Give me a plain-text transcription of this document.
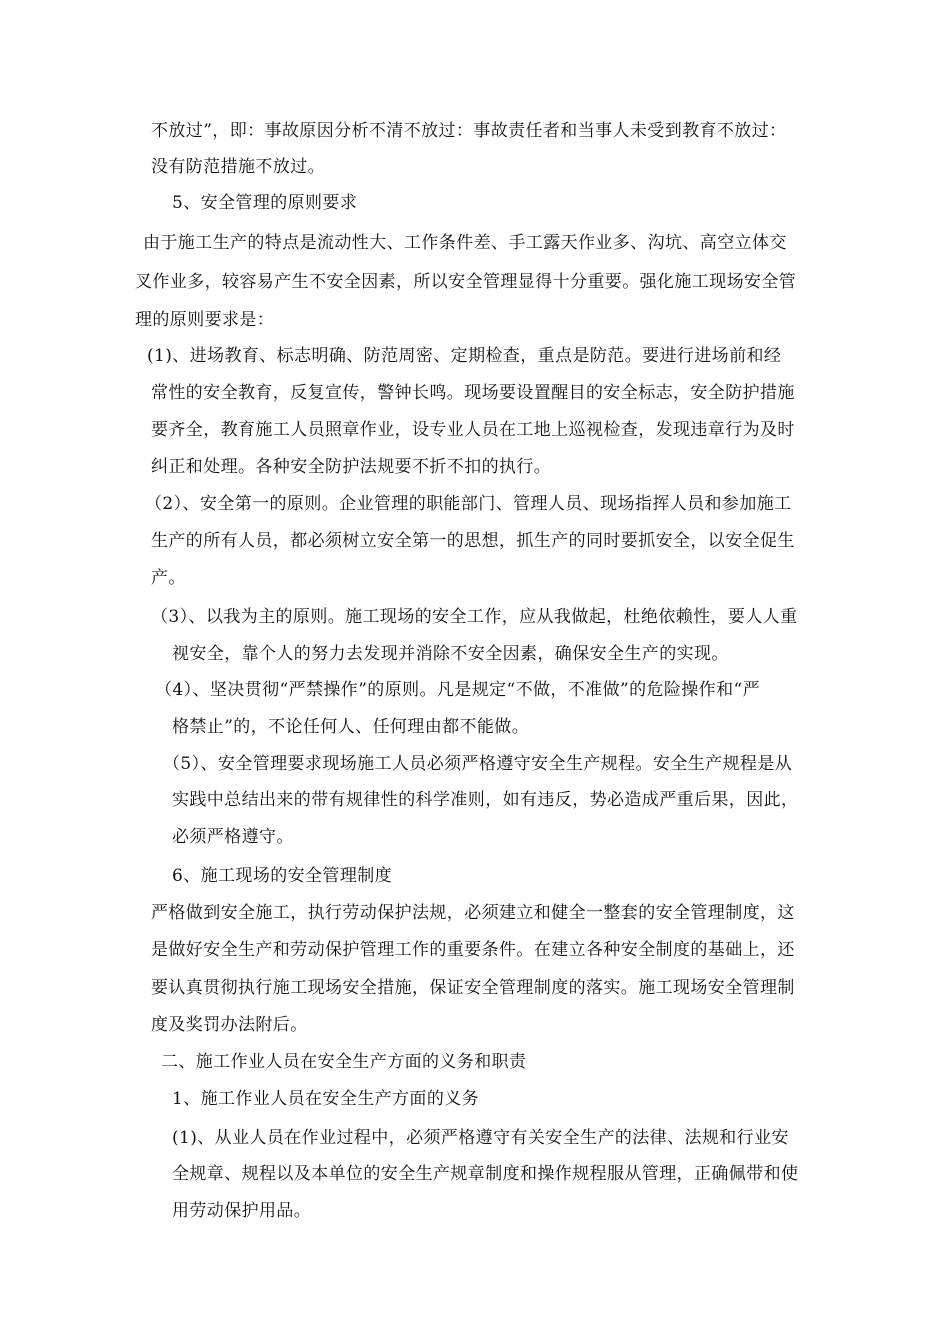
不放过”，即：事故原因分析不清不放过：事故责任者和当事人未受到教育不放过：
没有防范措施不放过。
5、安全管理的原则要求
由于施工生产的特点是流动性大、工作条件差、手工露天作业多、沟坑、高空立体交
叉作业多，较容易产生不安全因素，所以安全管理显得十分重要。强化施工现场安全管
理的原则要求是：
(1)、进场教育、标志明确、防范周密、定期检查，重点是防范。要进行进场前和经
常性的安全教育，反复宣传，警钟长鸣。现场要设置醒目的安全标志，安全防护措施
要齐全，教育施工人员照章作业，设专业人员在工地上巡视检查，发现违章行为及时
纠正和处理。各种安全防护法规要不折不扣的执行。
（2）、安全第一的原则。企业管理的职能部门、管理人员、现场指挥人员和参加施工
生产的所有人员，都必须树立安全第一的思想，抓生产的同时要抓安全，以安全促生
产。
（3）、以我为主的原则。施工现场的安全工作，应从我做起，杜绝依赖性，要人人重
视安全，靠个人的努力去发现并消除不安全因素，确保安全生产的实现。
（4）、坚决贯彻“严禁操作”的原则。凡是规定“不做，不准做”的危险操作和“严
格禁止”的，不论任何人、任何理由都不能做。
（5）、安全管理要求现场施工人员必须严格遵守安全生产规程。安全生产规程是从
实践中总结出来的带有规律性的科学准则，如有违反，势必造成严重后果，因此，
必须严格遵守。
6、施工现场的安全管理制度
严格做到安全施工，执行劳动保护法规，必须建立和健全一整套的安全管理制度，这
是做好安全生产和劳动保护管理工作的重要条件。在建立各种安全制度的基础上，还
要认真贯彻执行施工现场安全措施，保证安全管理制度的落实。施工现场安全管理制
度及奖罚办法附后。
二、施工作业人员在安全生产方面的义务和职责
1、施工作业人员在安全生产方面的义务
(1)、从业人员在作业过程中，必须严格遵守有关安全生产的法律、法规和行业安
全规章、规程以及本单位的安全生产规章制度和操作规程服从管理，正确佩带和使
用劳动保护用品。
